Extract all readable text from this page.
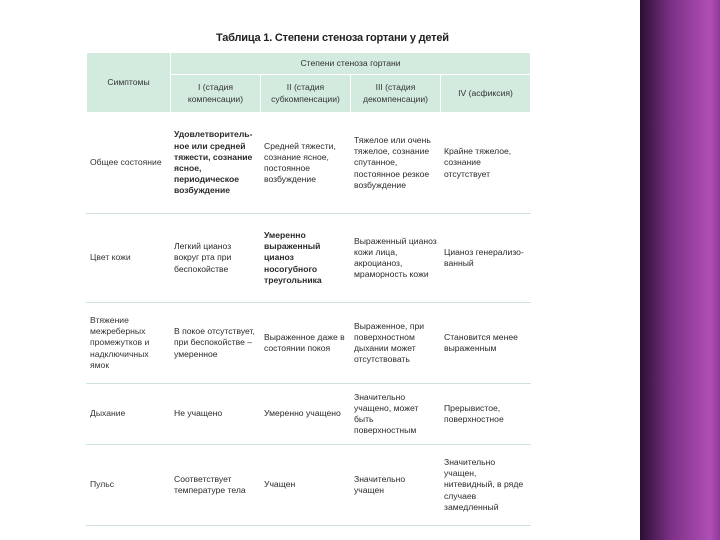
Таблица 1. Степени стеноза гортани у детей
Симптомы	Степени стеноза гортани			
	I (стадия компенсации)	II (стадия субкомпенсации)	III (стадия декомпенсации)	IV (асфиксия)
Общее состояние	Удовлетворитель-ное или средней тяжести, сознание ясное, периодическое возбуждение	Средней тяжести, сознание ясное, постоянное возбуждение	Тяжелое или очень тяжелое, сознание спутанное, постоянное резкое возбуждение	Крайне тяжелое, сознание отсутствует
Цвет кожи	Легкий цианоз вокруг рта при беспокойстве	Умеренно выраженный цианоз носогубного треугольника	Выраженный цианоз кожи лица, акроцианоз, мраморность кожи	Цианоз генерализо-ванный
Втяжение межреберных промежутков и надключичных ямок	В покое отсутствует, при беспокойстве – умеренное	Выраженное даже в состоянии покоя	Выраженное, при поверхностном дыхании может отсутствовать	Становится менее выраженным
Дыхание	Не учащено	Умеренно учащено	Значительно учащено, может быть поверхностным	Прерывистое, поверхностное
Пульс	Соответствует температуре тела	Учащен	Значительно учащен	Значительно учащен, нитевидный, в ряде случаев замедленный
